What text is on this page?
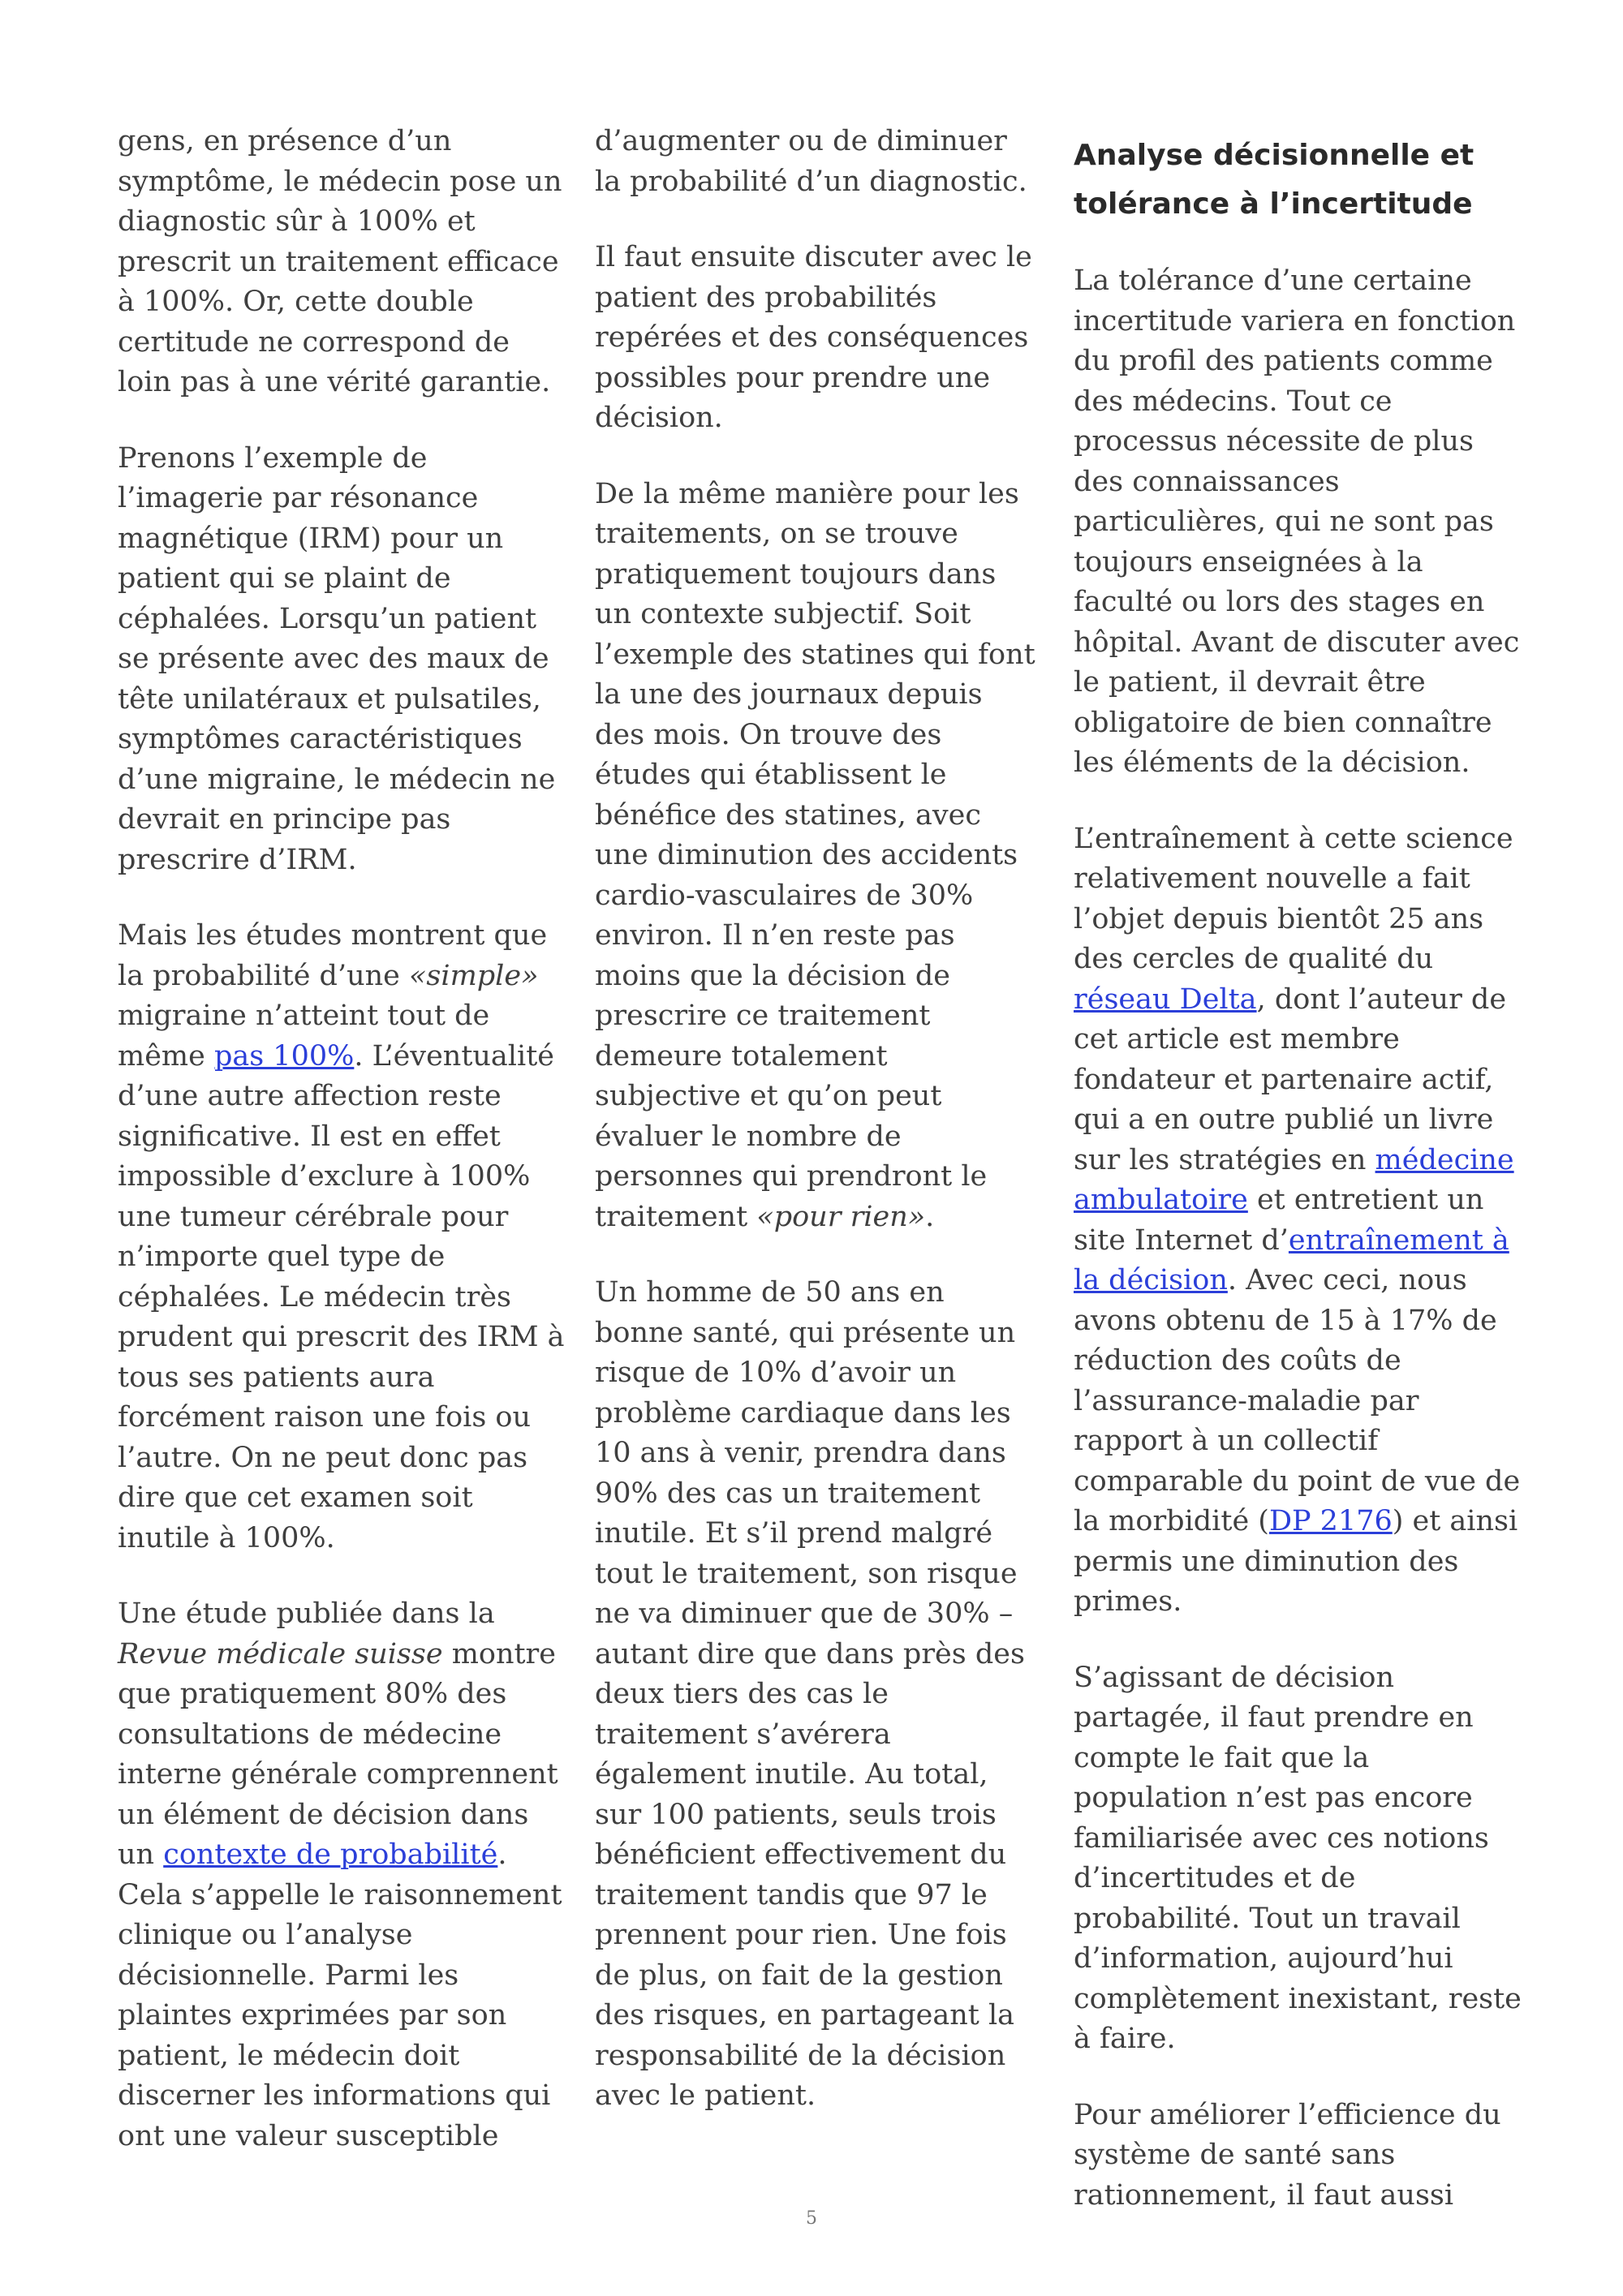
gens, en présence d’un symptôme, le médecin pose un diagnostic sûr à 100% et prescrit un traitement efficace à 100%. Or, cette double certitude ne correspond de loin pas à une vérité garantie.

Prenons l’exemple de l’imagerie par résonance magnétique (IRM) pour un patient qui se plaint de céphalées. Lorsqu’un patient se présente avec des maux de tête unilatéraux et pulsatiles, symptômes caractéristiques d’une migraine, le médecin ne devrait en principe pas prescrire d’IRM.

Mais les études montrent que la probabilité d’une «simple» migraine n’atteint tout de même pas 100%. L’éventualité d’une autre affection reste significative. Il est en effet impossible d’exclure à 100% une tumeur cérébrale pour n’importe quel type de céphalées. Le médecin très prudent qui prescrit des IRM à tous ses patients aura forcément raison une fois ou l’autre. On ne peut donc pas dire que cet examen soit inutile à 100%.

Une étude publiée dans la Revue médicale suisse montre que pratiquement 80% des consultations de médecine interne générale comprennent un élément de décision dans un contexte de probabilité. Cela s’appelle le raisonnement clinique ou l’analyse décisionnelle. Parmi les plaintes exprimées par son patient, le médecin doit discerner les informations qui ont une valeur susceptible

d’augmenter ou de diminuer la probabilité d’un diagnostic.

Il faut ensuite discuter avec le patient des probabilités repérées et des conséquences possibles pour prendre une décision.

De la même manière pour les traitements, on se trouve pratiquement toujours dans un contexte subjectif. Soit l’exemple des statines qui font la une des journaux depuis des mois. On trouve des études qui établissent le bénéfice des statines, avec une diminution des accidents cardio-vasculaires de 30% environ. Il n’en reste pas moins que la décision de prescrire ce traitement demeure totalement subjective et qu’on peut évaluer le nombre de personnes qui prendront le traitement «pour rien».

Un homme de 50 ans en bonne santé, qui présente un risque de 10% d’avoir un problème cardiaque dans les 10 ans à venir, prendra dans 90% des cas un traitement inutile. Et s’il prend malgré tout le traitement, son risque ne va diminuer que de 30% – autant dire que dans près des deux tiers des cas le traitement s’avérera également inutile. Au total, sur 100 patients, seuls trois bénéficient effectivement du traitement tandis que 97 le prennent pour rien. Une fois de plus, on fait de la gestion des risques, en partageant la responsabilité de la décision avec le patient.

Analyse décisionnelle et tolérance à l’incertitude

La tolérance d’une certaine incertitude variera en fonction du profil des patients comme des médecins. Tout ce processus nécessite de plus des connaissances particulières, qui ne sont pas toujours enseignées à la faculté ou lors des stages en hôpital. Avant de discuter avec le patient, il devrait être obligatoire de bien connaître les éléments de la décision.

L’entraînement à cette science relativement nouvelle a fait l’objet depuis bientôt 25 ans des cercles de qualité du réseau Delta, dont l’auteur de cet article est membre fondateur et partenaire actif, qui a en outre publié un livre sur les stratégies en médecine ambulatoire et entretient un site Internet d’entraînement à la décision. Avec ceci, nous avons obtenu de 15 à 17% de réduction des coûts de l’assurance-maladie par rapport à un collectif comparable du point de vue de la morbidité (DP 2176) et ainsi permis une diminution des primes.

S’agissant de décision partagée, il faut prendre en compte le fait que la population n’est pas encore familiarisée avec ces notions d’incertitudes et de probabilité. Tout un travail d’information, aujourd’hui complètement inexistant, reste à faire.

Pour améliorer l’efficience du système de santé sans rationnement, il faut aussi

5
